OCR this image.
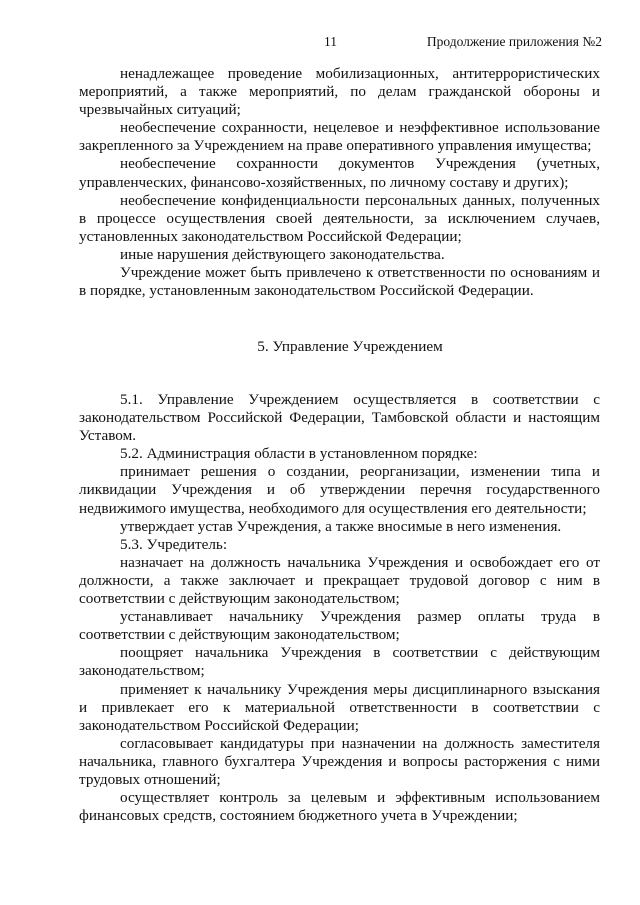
11	Продолжение приложения №2

ненадлежащее проведение мобилизационных, антитеррористических мероприятий, а также мероприятий, по делам гражданской обороны и чрезвычайных ситуаций;

необеспечение сохранности, нецелевое и неэффективное использование закрепленного за Учреждением на праве оперативного управления имущества;

необеспечение сохранности документов Учреждения (учетных, управленческих, финансово-хозяйственных, по личному составу и других);

необеспечение конфиденциальности персональных данных, полученных в процессе осуществления своей деятельности, за исключением случаев, установленных законодательством Российской Федерации;

иные нарушения действующего законодательства.

Учреждение может быть привлечено к ответственности по основаниям и в порядке, установленным законодательством Российской Федерации.

5. Управление Учреждением

5.1. Управление Учреждением осуществляется в соответствии с законодательством Российской Федерации, Тамбовской области и настоящим Уставом.

5.2. Администрация области в установленном порядке:

принимает решения о создании, реорганизации, изменении типа и ликвидации Учреждения и об утверждении перечня государственного недвижимого имущества, необходимого для осуществления его деятельности;

утверждает устав Учреждения, а также вносимые в него изменения.

5.3. Учредитель:

назначает на должность начальника Учреждения и освобождает его от должности, а также заключает и прекращает трудовой договор с ним в соответствии с действующим законодательством;

устанавливает начальнику Учреждения размер оплаты труда в соответствии с действующим законодательством;

поощряет начальника Учреждения в соответствии с действующим законодательством;

применяет к начальнику Учреждения меры дисциплинарного взыскания и привлекает его к материальной ответственности в соответствии с законодательством Российской Федерации;

согласовывает кандидатуры при назначении на должность заместителя начальника, главного бухгалтера Учреждения и вопросы расторжения с ними трудовых отношений;

осуществляет контроль за целевым и эффективным использованием финансовых средств, состоянием бюджетного учета в Учреждении;
